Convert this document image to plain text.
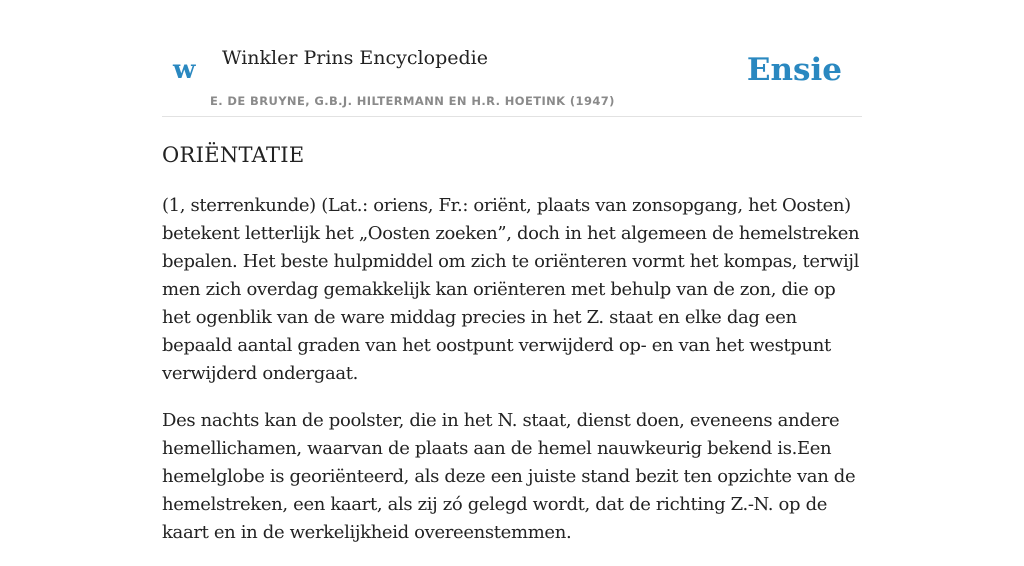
w Winkler Prins Encyclopedie
E. DE BRUYNE, G.B.J. HILTERMANN EN H.R. HOETINK (1947)
Ensie
ORIËNTATIE

(1, sterrenkunde) (Lat.: oriens, Fr.: oriënt, plaats van zonsopgang, het Oosten) betekent letterlijk het „Oosten zoeken”, doch in het algemeen de hemelstreken bepalen. Het beste hulpmiddel om zich te oriënteren vormt het kompas, terwijl men zich overdag gemakkelijk kan oriënteren met behulp van de zon, die op het ogenblik van de ware middag precies in het Z. staat en elke dag een bepaald aantal graden van het oostpunt verwijderd op- en van het westpunt verwijderd ondergaat.

Des nachts kan de poolster, die in het N. staat, dienst doen, eveneens andere hemellichamen, waarvan de plaats aan de hemel nauwkeurig bekend is.Een hemelglobe is georiënteerd, als deze een juiste stand bezit ten opzichte van de hemelstreken, een kaart, als zij zó gelegd wordt, dat de richting Z.-N. op de kaart en in de werkelijkheid overeenstemmen.
